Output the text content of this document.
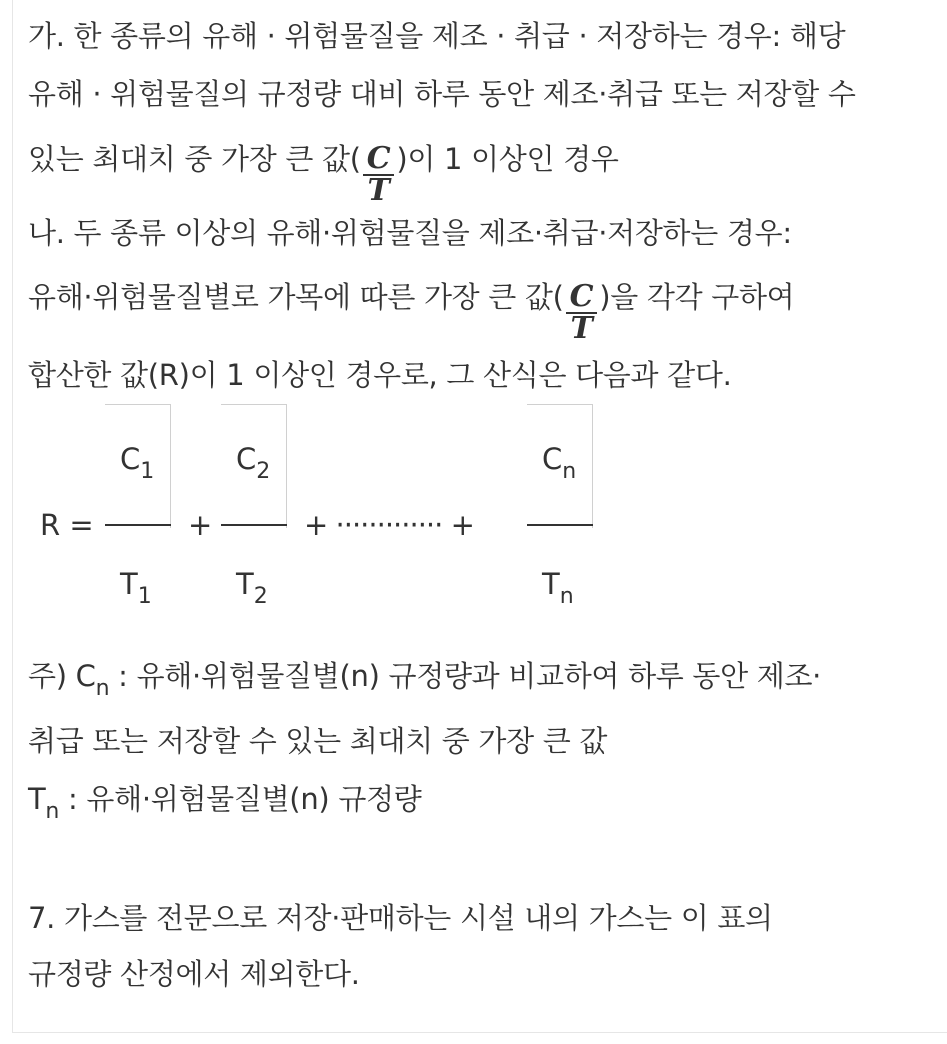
가. 한 종류의 유해 · 위험물질을 제조 · 취급 · 저장하는 경우: 해당

유해 · 위험물질의 규정량 대비 하루 동안 제조·취급 또는 저장할 수

있는 최대치 중 가장 큰 값( $\frac{C}{T}$ )이 1 이상인 경우

나. 두 종류 이상의 유해·위험물질을 제조·취급·저장하는 경우:

유해·위험물질별로 가목에 따른 가장 큰 값( $\frac{C}{T}$ )을 각각 구하여

합산한 값(R)이 1 이상인 경우로, 그 산식은 다음과 같다.

R =
$C_1$
$T_1$
+
$C_2$
$T_2$
+ ············· +
$C_n$
$T_n$

주) $C_n$ : 유해·위험물질별(n) 규정량과 비교하여 하루 동안 제조·

취급 또는 저장할 수 있는 최대치 중 가장 큰 값

$T_n$ : 유해·위험물질별(n) 규정량

7. 가스를 전문으로 저장·판매하는 시설 내의 가스는 이 표의

규정량 산정에서 제외한다.
